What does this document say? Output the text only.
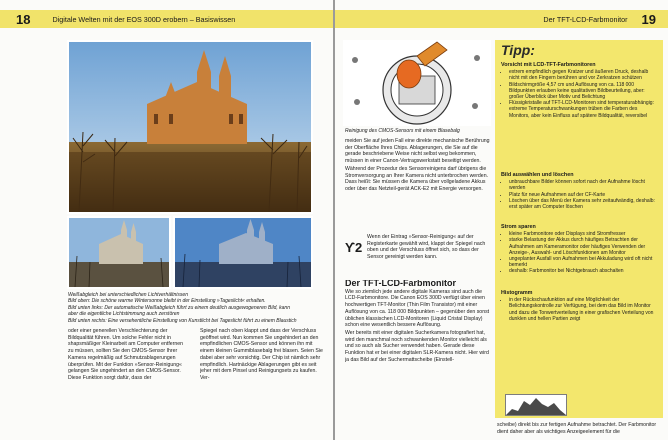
18	Digitale Welten mit der EOS 300D erobern – Basiswissen

Weißabgleich bei unterschiedlichen Lichtverhältnissen

Bild oben: Die schöne warme Wintersonne bleibt in der Einstellung »Tageslicht« erhalten.

Bild unten links: Der automatische Weißabgleich führt zu einem deutlich ausgewogeneren Bild, kann

aber die eigentliche Lichtstimmung auch zerstören

Bild unten rechts: Eine versehentliche Einstellung von Kunstlicht bei Tageslicht führt zu einem Blaustich

oder einer generellen Verschlechterung der Bildqualität führen. Um solche Fehler nicht in shapsmäßiger Kleinarbeit am Computer entfernen zu müssen, sollten Sie den CMOS-Sensor Ihrer Kamera regelmäßig auf Schmutzablagerungen überprüfen. Mit der Funktion »Sensor-Reinigung« gelangen Sie ungehindert an den CMOS-Sensor. Diese Funktion sorgt dafür, dass der

Spiegel nach oben klappt und dass der Verschluss geöffnet wird. Nun kommen Sie ungehindert an den empfindlichen CMOS-Sensor und können ihn mit einem kleinen Gummiblasebalg frei blasen. Seien Sie dabei aber sehr vorsichtig. Der Chip ist nämlich sehr empfindlich. Hartnäckige Ablagerungen gibt es seit jeher mit dem Pinsel und Reinigungsets zu kaufen. Ver-

Der TFT-LCD-Farbmonitor 19
Reinigung des CMOS-Sensors mit einem Blasebalg

meiden Sie auf jeden Fall eine direkte mechanische Berührung der Oberfläche Ihres Chips. Ablagerungen, die Sie auf die gerade beschriebene Weise nicht selbst weg bekommen, müssen in einer Canon-Vertragswerkstatt beseitigt werden.

Während der Prozedur des Sensorreinigens darf übrigens die Stromversorgung an Ihrer Kamera nicht unterbrochen werden. Dass heißt: Sie müssen die Kamera über vollgeladene Akkus oder über das Netzteil-gerät ACK-E2 mit Energie versorgen.

ϒ 2

Wenn der Eintrag »Sensor-Reinigung« auf der Registerkarte gewählt wird, klappt der Spiegel nach oben und der Verschluss öffnet sich, so dass der Sensor gereinigt werden kann.

Der TFT-LCD-Farbmonitor

Wie so ziemlich jede andere digitale Kameras sind auch die LCD-Farbmonitore. Die Canon EOS 300D verfügt über einen hochwertigen TFT-Monitor (Thin Film Transistor) mit einer Auflösung von ca. 118 000 Bildpunkten – gegenüber den sonst üblichen klassischen LCD-Monitoren (Liquid Cristal Display) schon eine wesentlich bessere Auflösung.

Wer bereits mit einer digitalen Sucherkamera fotografiert hat, wird den manchmal noch schwankenden Monitor vielleicht als und so auch als Sucher verwendet haben. Gerade diese Funktion hat er bei einer digitalen SLR-Kamera nicht. Hier wird ja das Bild auf der Suchermattscheibe (Einstell-

Tipp:
Vorsicht mit LCD-TFT-Farbmonitoren
• extrem empfindlich gegen Kratzer und äußeren Druck, deshalb nicht mit den Fingern berühren und vor Zerkratzen schützen
• Bildschirmgröße 4,57 cm und Auflösung von ca. 118 000 Bildpunkten erlauben keine qualitativen Bildbeurteilung, aber: großer Überblick über Motiv und Belichtung
• Flüssigkristalle auf TFT-LCD-Monitoren sind temperaturabhängig: extreme Temperaturschwankungen trüben die Farben des Monitors, aber kein Einfluss auf spätere Bildqualität, reversibel
Bild auswählen und löschen
• unbrauchbare Bilder können sofort nach der Aufnahme löscht werden
• Platz für neue Aufnahmen auf der CF-Karte
• Löschen über das Menü der Kamera sehr zeitaufwändig, deshalb: erst später am Computer löschen
Strom sparen
• kleine Farbmonitore oder Displays sind Stromfresser
• starke Belastung der Akkus durch häufiges Betrachten der Aufnahmen am Kameramonitor oder häufiges Verwenden der Anzeige-, Auswahl- und Löschfunktionen am Monitor
• ungeplanter Ausfall von Aufnahmen bei Akkuladung wird oft nicht bemerkt
• deshalb: Farbmonitor bei Nichtgebrauch abschalten
Histogramm
• in der Rückschaufunktion auf eine Möglichkeit der Belichtungskontrolle zur Verfügung, bei dem das Bild im Monitor und dazu die Tonwertverteilung in einer grafischen Verteilung von dunklen und hellen Partien zeigt

scheibe) direkt bis zur fertigen Aufnahme betrachtet. Der Farbmonitor dient daher aber als wichtiges Anzeigeelement für die
